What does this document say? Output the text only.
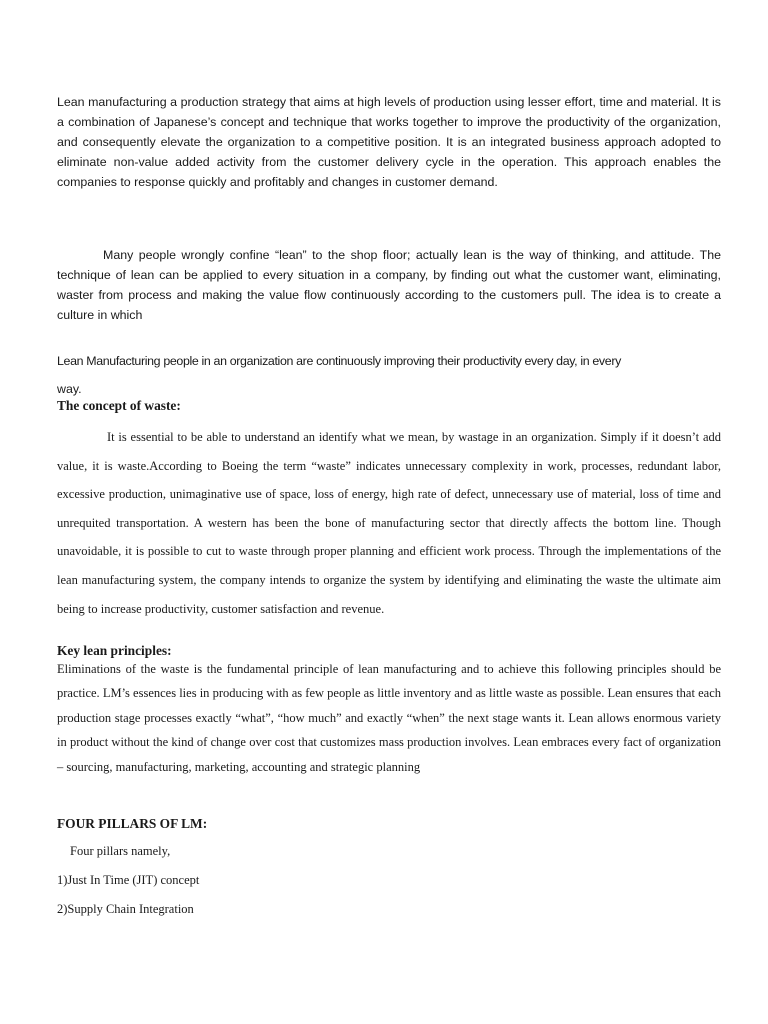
Lean manufacturing a production strategy that aims at high levels of production using lesser effort, time and material. It is a combination of Japanese’s concept and technique that works together to improve the productivity of the organization, and consequently elevate the organization to a competitive position. It is an integrated business approach adopted to eliminate non-value added activity from the customer delivery cycle in the operation. This approach enables the companies to response quickly and profitably and changes in customer demand.

Many people wrongly confine “lean” to the shop floor; actually lean is the way of thinking, and attitude. The technique of lean can be applied to every situation in a company, by finding out what the customer want, eliminating, waster from process and making the value flow continuously according to the customers pull. The idea is to create a culture in which

Lean Manufacturing people in an organization are continuously improving their productivity every day, in every

way.

The concept of waste:

It is essential to be able to understand an identify what we mean, by wastage in an organization. Simply if it doesn’t add value, it is waste.According to Boeing the term “waste” indicates unnecessary complexity in work, processes, redundant labor, excessive production, unimaginative use of space, loss of energy, high rate of defect, unnecessary use of material, loss of time and unrequited transportation. A western has been the bone of manufacturing sector that directly affects the bottom line. Though unavoidable, it is possible to cut to waste through proper planning and efficient work process. Through the implementations of the lean manufacturing system, the company intends to organize the system by identifying and eliminating the waste the ultimate aim being to increase productivity, customer satisfaction and revenue.

Key lean principles:

Eliminations of the waste is the fundamental principle of lean manufacturing and to achieve this following principles should be practice. LM’s essences lies in producing with as few people as little inventory and as little waste as possible. Lean ensures that each production stage processes exactly “what”, “how much” and exactly “when” the next stage wants it. Lean allows enormous variety in product without the kind of change over cost that customizes mass production involves. Lean embraces every fact of organization – sourcing, manufacturing, marketing, accounting and strategic planning

FOUR PILLARS OF LM:

Four pillars namely,

1)Just In Time (JIT) concept

2)Supply Chain Integration
